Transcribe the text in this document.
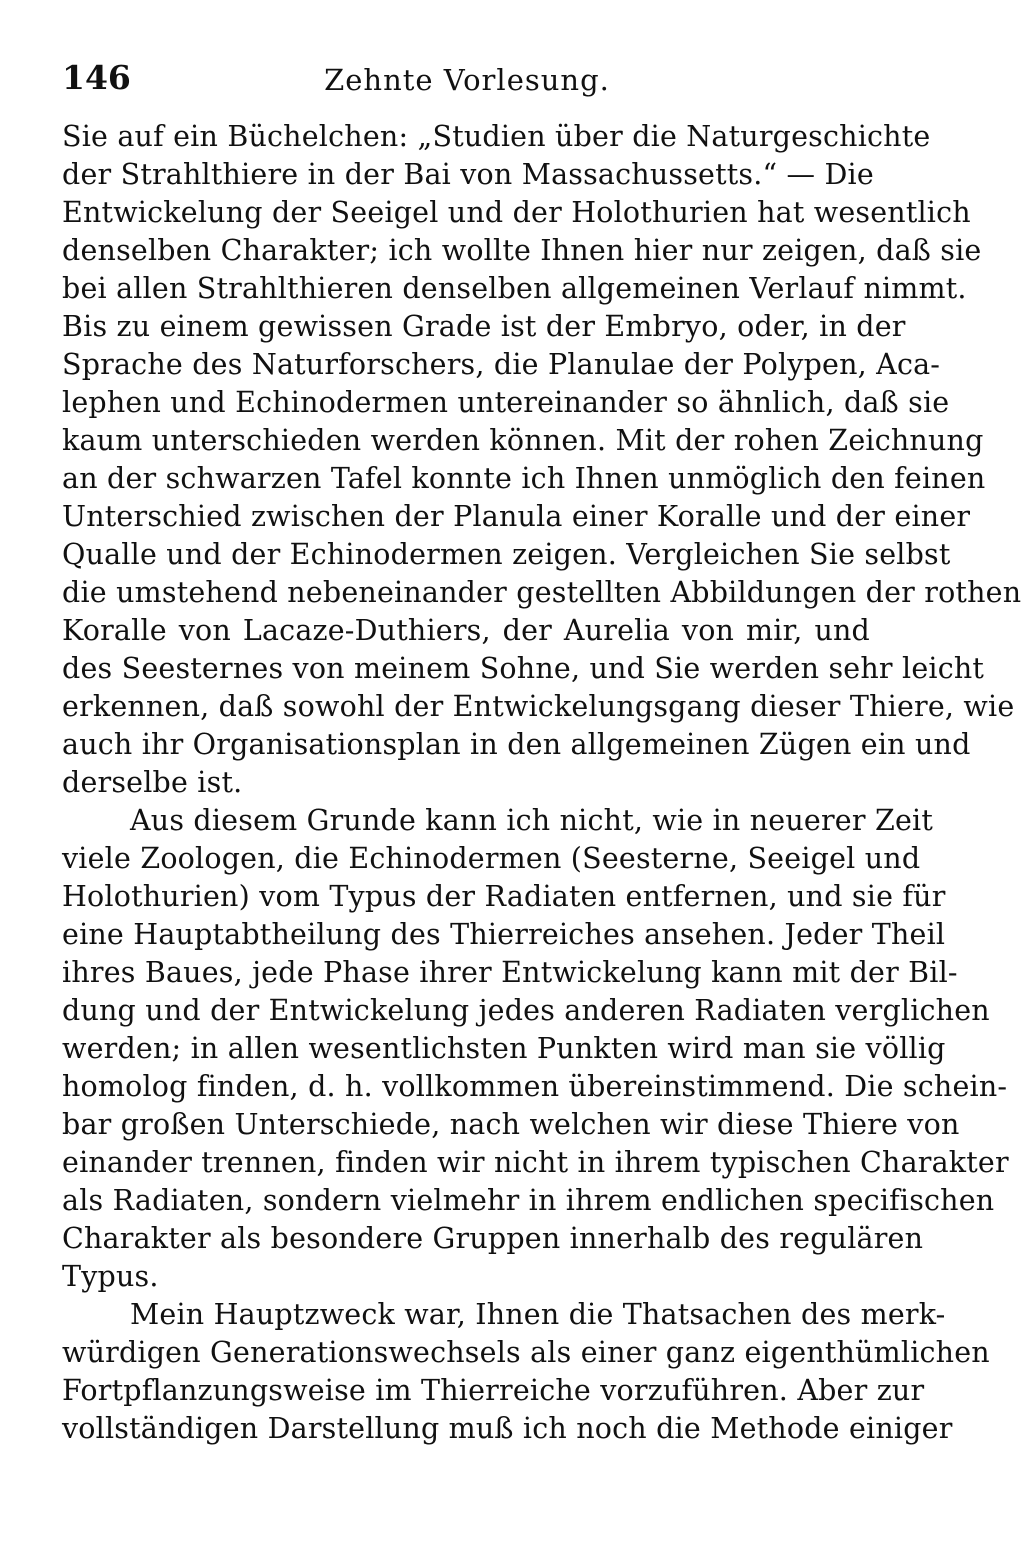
146	Zehnte Vorlesung.
Sie auf ein Büchelchen: „Studien über die Naturgeschichte
der Strahlthiere in der Bai von Massachussetts.“ — Die
Entwickelung der Seeigel und der Holothurien hat wesentlich
denselben Charakter; ich wollte Ihnen hier nur zeigen, daß sie
bei allen Strahlthieren denselben allgemeinen Verlauf nimmt.
Bis zu einem gewissen Grade ist der Embryo, oder, in der
Sprache des Naturforschers, die Planulae der Polypen, Aca-
lephen und Echinodermen untereinander so ähnlich, daß sie
kaum unterschieden werden können. Mit der rohen Zeichnung
an der schwarzen Tafel konnte ich Ihnen unmöglich den feinen
Unterschied zwischen der Planula einer Koralle und der einer
Qualle und der Echinodermen zeigen. Vergleichen Sie selbst
die umstehend nebeneinander gestellten Abbildungen der rothen
Koralle von Lacaze-Duthiers, der Aurelia von mir, und
des Seesternes von meinem Sohne, und Sie werden sehr leicht
erkennen, daß sowohl der Entwickelungsgang dieser Thiere, wie
auch ihr Organisationsplan in den allgemeinen Zügen ein und
derselbe ist.
Aus diesem Grunde kann ich nicht, wie in neuerer Zeit
viele Zoologen, die Echinodermen (Seesterne, Seeigel und
Holothurien) vom Typus der Radiaten entfernen, und sie für
eine Hauptabtheilung des Thierreiches ansehen. Jeder Theil
ihres Baues, jede Phase ihrer Entwickelung kann mit der Bil-
dung und der Entwickelung jedes anderen Radiaten verglichen
werden; in allen wesentlichsten Punkten wird man sie völlig
homolog finden, d. h. vollkommen übereinstimmend. Die schein-
bar großen Unterschiede, nach welchen wir diese Thiere von
einander trennen, finden wir nicht in ihrem typischen Charakter
als Radiaten, sondern vielmehr in ihrem endlichen specifischen
Charakter als besondere Gruppen innerhalb des regulären
Typus.
Mein Hauptzweck war, Ihnen die Thatsachen des merk-
würdigen Generationswechsels als einer ganz eigenthümlichen
Fortpflanzungsweise im Thierreiche vorzuführen. Aber zur
vollständigen Darstellung muß ich noch die Methode einiger
